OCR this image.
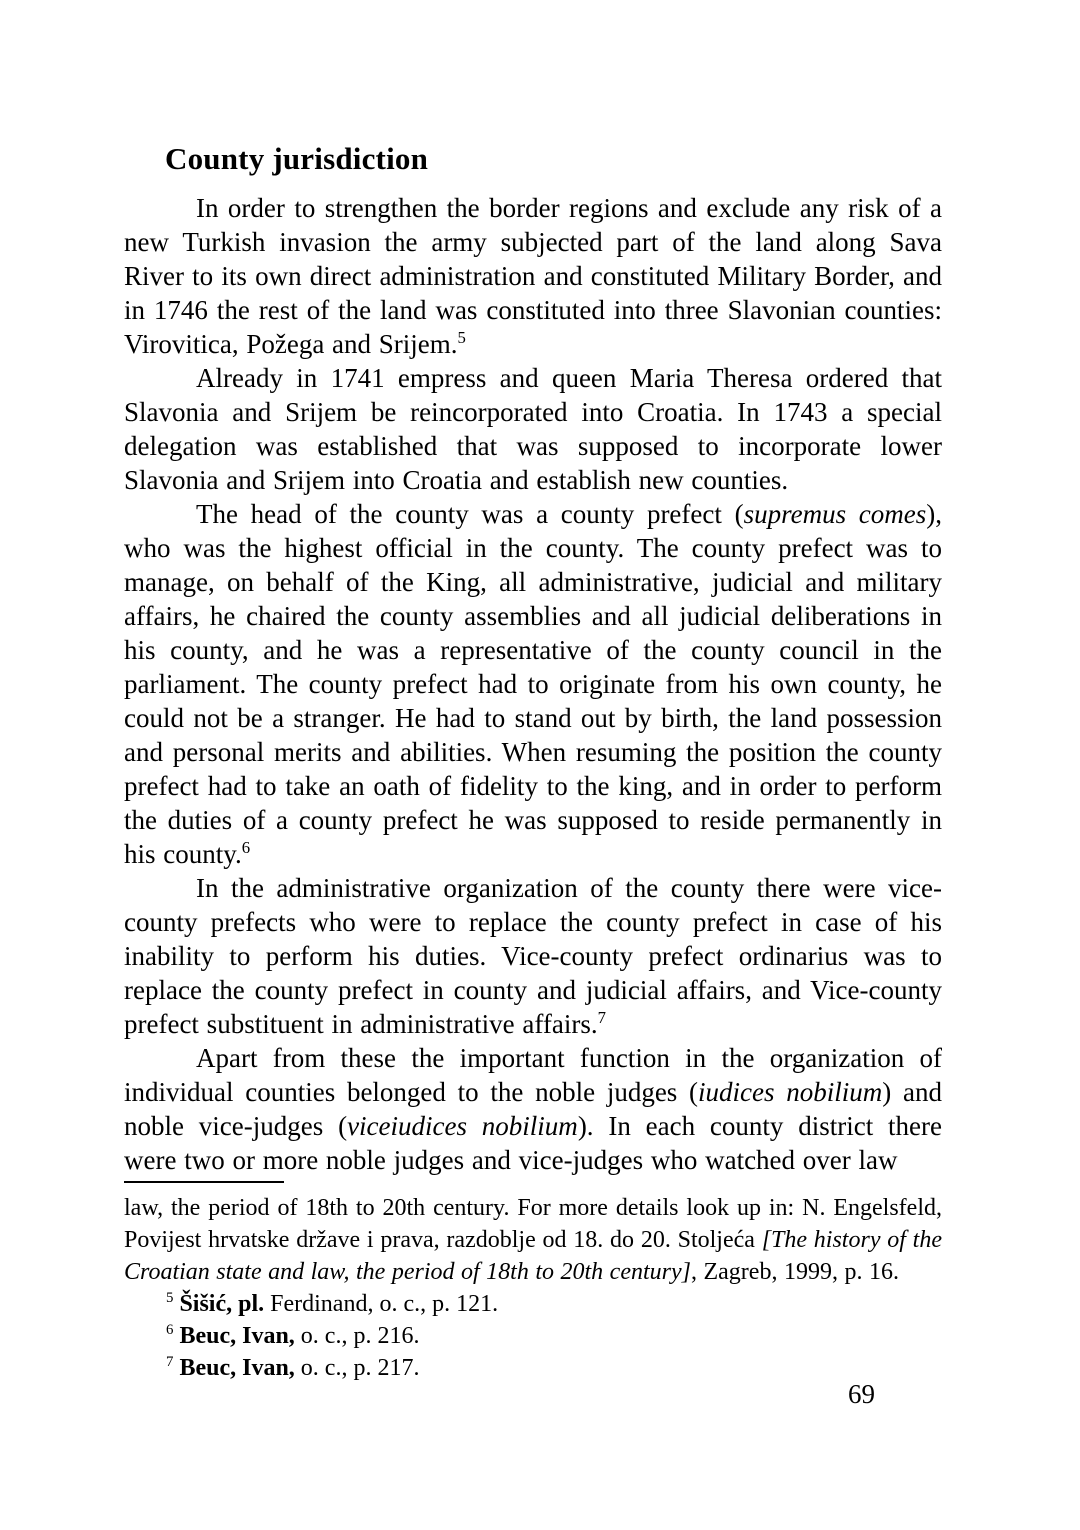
County jurisdiction

In order to strengthen the border regions and exclude any risk of a new Turkish invasion the army subjected part of the land along Sava River to its own direct administration and constituted Military Border, and in 1746 the rest of the land was constituted into three Slavonian counties: Virovitica, Požega and Srijem.$^5$

Already in 1741 empress and queen Maria Theresa ordered that Slavonia and Srijem be reincorporated into Croatia. In 1743 a special delegation was established that was supposed to incorporate lower Slavonia and Srijem into Croatia and establish new counties.

The head of the county was a county prefect (supremus comes), who was the highest official in the county. The county prefect was to manage, on behalf of the King, all administrative, judicial and military affairs, he chaired the county assemblies and all judicial deliberations in his county, and he was a representative of the county council in the parliament. The county prefect had to originate from his own county, he could not be a stranger. He had to stand out by birth, the land possession and personal merits and abilities. When resuming the position the county prefect had to take an oath of fidelity to the king, and in order to perform the duties of a county prefect he was supposed to reside permanently in his county.$^6$

In the administrative organization of the county there were vice-county prefects who were to replace the county prefect in case of his inability to perform his duties. Vice-county prefect ordinarius was to replace the county prefect in county and judicial affairs, and Vice-county prefect substituent in administrative affairs.$^7$

Apart from these the important function in the organization of individual counties belonged to the noble judges (iudices nobilium) and noble vice-judges (viceiudices nobilium). In each county district there were two or more noble judges and vice-judges who watched over law

law, the period of 18th to 20th century. For more details look up in: N. Engelsfeld, Povijest hrvatske države i prava, razdoblje od 18. do 20. Stoljeća [The history of the Croatian state and law, the period of 18th to 20th century], Zagreb, 1999, p. 16.

$^5$ Šišić, pl. Ferdinand, o. c., p. 121.

$^6$ Beuc, Ivan, o. c., p. 216.

$^7$ Beuc, Ivan, o. c., p. 217.

69
